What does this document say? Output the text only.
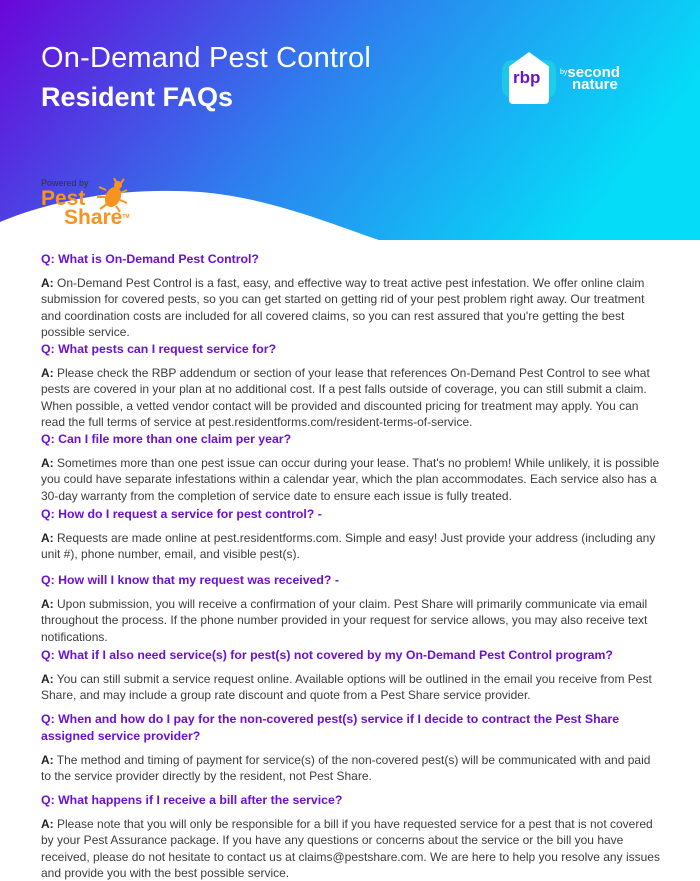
On-Demand Pest Control
Resident FAQs
rbp	$^{by}$second
nature
Powered by
Pest
Share™

Q: What is On-Demand Pest Control?

A: On-Demand Pest Control is a fast, easy, and effective way to treat active pest infestation. We offer online claim submission for covered pests, so you can get started on getting rid of your pest problem right away. Our treatment and coordination costs are included for all covered claims, so you can rest assured that you're getting the best possible service.

Q: What pests can I request service for?

A: Please check the RBP addendum or section of your lease that references On-Demand Pest Control to see what pests are covered in your plan at no additional cost. If a pest falls outside of coverage, you can still submit a claim. When possible, a vetted vendor contact will be provided and discounted pricing for treatment may apply. You can read the full terms of service at pest.residentforms.com/resident-terms-of-service.

Q: Can I file more than one claim per year?

A: Sometimes more than one pest issue can occur during your lease. That's no problem! While unlikely, it is possible you could have separate infestations within a calendar year, which the plan accommodates. Each service also has a 30-day warranty from the completion of service date to ensure each issue is fully treated.

Q: How do I request a service for pest control? -

A: Requests are made online at pest.residentforms.com. Simple and easy! Just provide your address (including any unit #), phone number, email, and visible pest(s).

Q: How will I know that my request was received? -

A: Upon submission, you will receive a confirmation of your claim. Pest Share will primarily communicate via email throughout the process. If the phone number provided in your request for service allows, you may also receive text notifications.

Q: What if I also need service(s) for pest(s) not covered by my On-Demand Pest Control program?

A: You can still submit a service request online. Available options will be outlined in the email you receive from Pest Share, and may include a group rate discount and quote from a Pest Share service provider.

Q: When and how do I pay for the non-covered pest(s) service if I decide to contract the Pest Share assigned service provider?

A: The method and timing of payment for service(s) of the non-covered pest(s) will be communicated with and paid to the service provider directly by the resident, not Pest Share.

Q: What happens if I receive a bill after the service?

A: Please note that you will only be responsible for a bill if you have requested service for a pest that is not covered by your Pest Assurance package. If you have any questions or concerns about the service or the bill you have received, please do not hesitate to contact us at claims@pestshare.com. We are here to help you resolve any issues and provide you with the best possible service.
